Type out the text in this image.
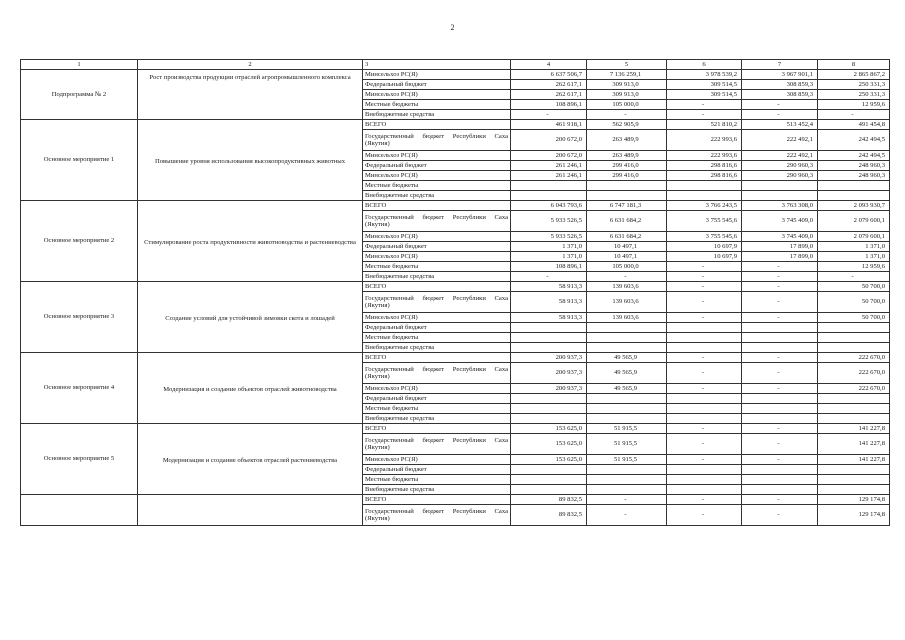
2
1	2	3	4	5	6	7	8
Подпрограмма № 2	Рост производства продукции отраслей агропромышленного комплекса	Минсельхоз РС(Я)	6 637 506,7	7 136 259,1	3 978 539,2	3 967 901,1	2 865 867,2
		Федеральный бюджет	262 617,1	309 913,0	309 514,5	308 859,3	250 331,3
		Минсельхоз РС(Я)	262 617,1	309 913,0	309 514,5	308 859,3	250 331,3
		Местные бюджеты	108 896,1	105 000,0	-	-	12 959,6
		Внебюджетные средства	-	-	-	-	-
Основное мероприятие 1	Повышение уровня использования высокопродуктивных животных	ВСЕГО	461 918,1	562 905,9	521 810,2	513 452,4	491 454,8
		Государственный бюджет Республики Саха (Якутия)	200 672,0	263 489,9	222 993,6	222 492,1	242 494,5
		Минсельхоз РС(Я)	200 672,0	263 489,9	222 993,6	222 492,1	242 494,5
		Федеральный бюджет	261 246,1	299 416,0	298 816,6	290 960,3	248 960,3
		Минсельхоз РС(Я)	261 246,1	299 416,0	298 816,6	290 960,3	248 960,3
		Местные бюджеты					
		Внебюджетные средства					
Основное мероприятие 2	Стимулирование роста продуктивности животноводства и растениеводства	ВСЕГО	6 043 793,6	6 747 181,3	3 766 243,5	3 763 308,0	2 093 930,7
		Государственный бюджет Республики Саха (Якутия)	5 933 526,5	6 631 684,2	3 755 545,6	3 745 409,0	2 079 600,1
		Минсельхоз РС(Я)	5 933 526,5	6 631 684,2	3 755 545,6	3 745 409,0	2 079 600,1
		Федеральный бюджет	1 371,0	10 497,1	10 697,9	17 899,0	1 371,0
		Минсельхоз РС(Я)	1 371,0	10 497,1	10 697,9	17 899,0	1 371,0
		Местные бюджеты	108 896,1	105 000,0	-	-	12 959,6
		Внебюджетные средства	-	-	-	-	-
Основное мероприятие 3	Создание условий для устойчивой зимовки скота и лошадей	ВСЕГО	58 913,3	139 603,6	-	-	50 700,0
		Государственный бюджет Республики Саха (Якутия)	58 913,3	139 603,6	-	-	50 700,0
		Минсельхоз РС(Я)	58 913,3	139 603,6	-	-	50 700,0
		Федеральный бюджет					
		Местные бюджеты					
		Внебюджетные средства					
Основное мероприятие 4	Модернизация и создание объектов отраслей животноводства	ВСЕГО	200 937,3	49 565,9	-	-	222 670,0
		Государственный бюджет Республики Саха (Якутия)	200 937,3	49 565,9	-	-	222 670,0
		Минсельхоз РС(Я)	200 937,3	49 565,9	-	-	222 670,0
		Федеральный бюджет					
		Местные бюджеты					
		Внебюджетные средства					
Основное мероприятие 5	Модернизация и создание объектов отраслей растениеводства	ВСЕГО	153 625,0	51 915,5	-	-	141 227,8
		Государственный бюджет Республики Саха (Якутия)	153 625,0	51 915,5	-	-	141 227,8
		Минсельхоз РС(Я)	153 625,0	51 915,5	-	-	141 227,8
		Федеральный бюджет					
		Местные бюджеты					
		Внебюджетные средства					
		ВСЕГО	89 832,5	-	-	-	129 174,8
		Государственный бюджет Республики Саха (Якутия)	89 832,5	-	-	-	129 174,8
